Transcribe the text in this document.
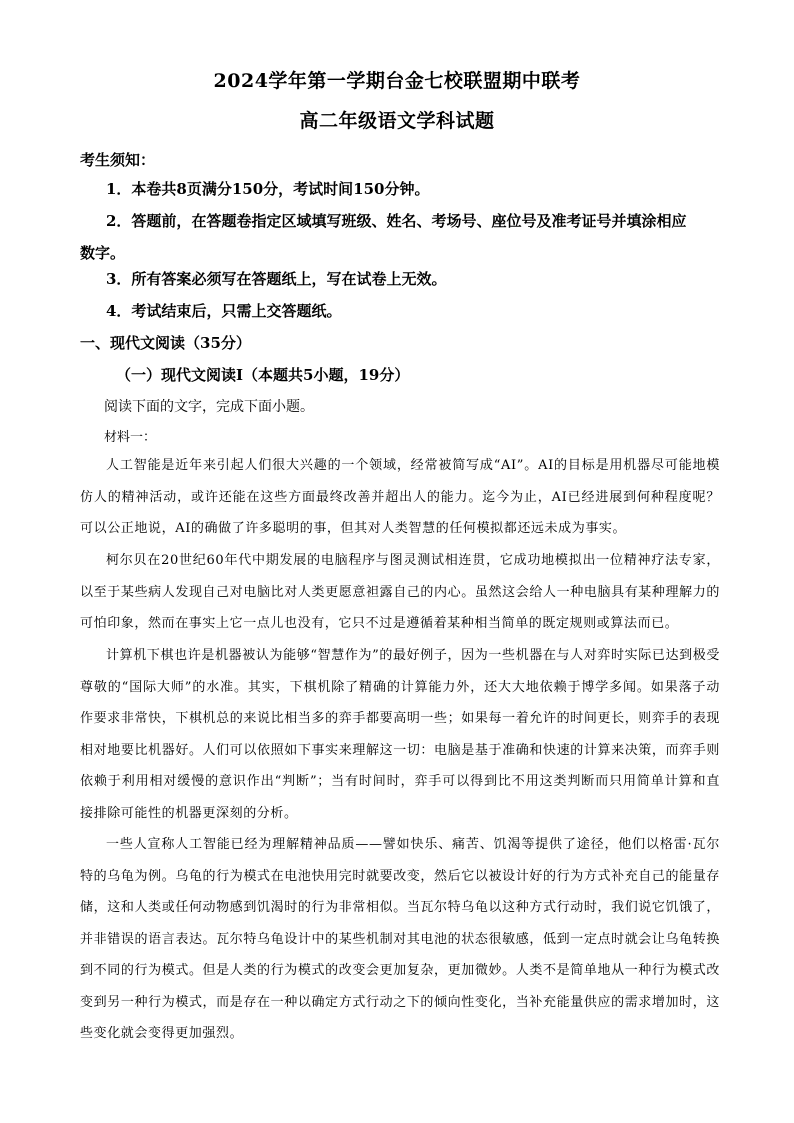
2024学年第一学期台金七校联盟期中联考
高二年级语文学科试题
考生须知：
1．本卷共8页满分150分，考试时间150分钟。
2．答题前，在答题卷指定区域填写班级、姓名、考场号、座位号及准考证号并填涂相应数字。
3．所有答案必须写在答题纸上，写在试卷上无效。
4．考试结束后，只需上交答题纸。
一、现代文阅读（35分）
（一）现代文阅读Ⅰ（本题共5小题，19分）
阅读下面的文字，完成下面小题。
材料一：
人工智能是近年来引起人们很大兴趣的一个领域，经常被简写成“AI”。AI的目标是用机器尽可能地模仿人的精神活动，或许还能在这些方面最终改善并超出人的能力。迄今为止，AI已经进展到何种程度呢？可以公正地说，AI的确做了许多聪明的事，但其对人类智慧的任何模拟都还远未成为事实。
柯尔贝在20世纪60年代中期发展的电脑程序与图灵测试相连贯，它成功地模拟出一位精神疗法专家，以至于某些病人发现自己对电脑比对人类更愿意袒露自己的内心。虽然这会给人一种电脑具有某种理解力的可怕印象，然而在事实上它一点儿也没有，它只不过是遵循着某种相当简单的既定规则或算法而已。
计算机下棋也许是机器被认为能够“智慧作为”的最好例子，因为一些机器在与人对弈时实际已达到极受尊敬的“国际大师”的水准。其实，下棋机除了精确的计算能力外，还大大地依赖于博学多闻。如果落子动作要求非常快，下棋机总的来说比相当多的弈手都要高明一些；如果每一着允许的时间更长，则弈手的表现相对地要比机器好。人们可以依照如下事实来理解这一切：电脑是基于准确和快速的计算来决策，而弈手则依赖于利用相对缓慢的意识作出“判断”；当有时间时，弈手可以得到比不用这类判断而只用简单计算和直接排除可能性的机器更深刻的分析。
一些人宣称人工智能已经为理解精神品质——譬如快乐、痛苦、饥渴等提供了途径，他们以格雷·瓦尔特的乌龟为例。乌龟的行为模式在电池快用完时就要改变，然后它以被设计好的行为方式补充自己的能量存储，这和人类或任何动物感到饥渴时的行为非常相似。当瓦尔特乌龟以这种方式行动时，我们说它饥饿了，并非错误的语言表达。瓦尔特乌龟设计中的某些机制对其电池的状态很敏感，低到一定点时就会让乌龟转换到不同的行为模式。但是人类的行为模式的改变会更加复杂，更加微妙。人类不是简单地从一种行为模式改变到另一种行为模式，而是存在一种以确定方式行动之下的倾向性变化，当补充能量供应的需求增加时，这些变化就会变得更加强烈。
